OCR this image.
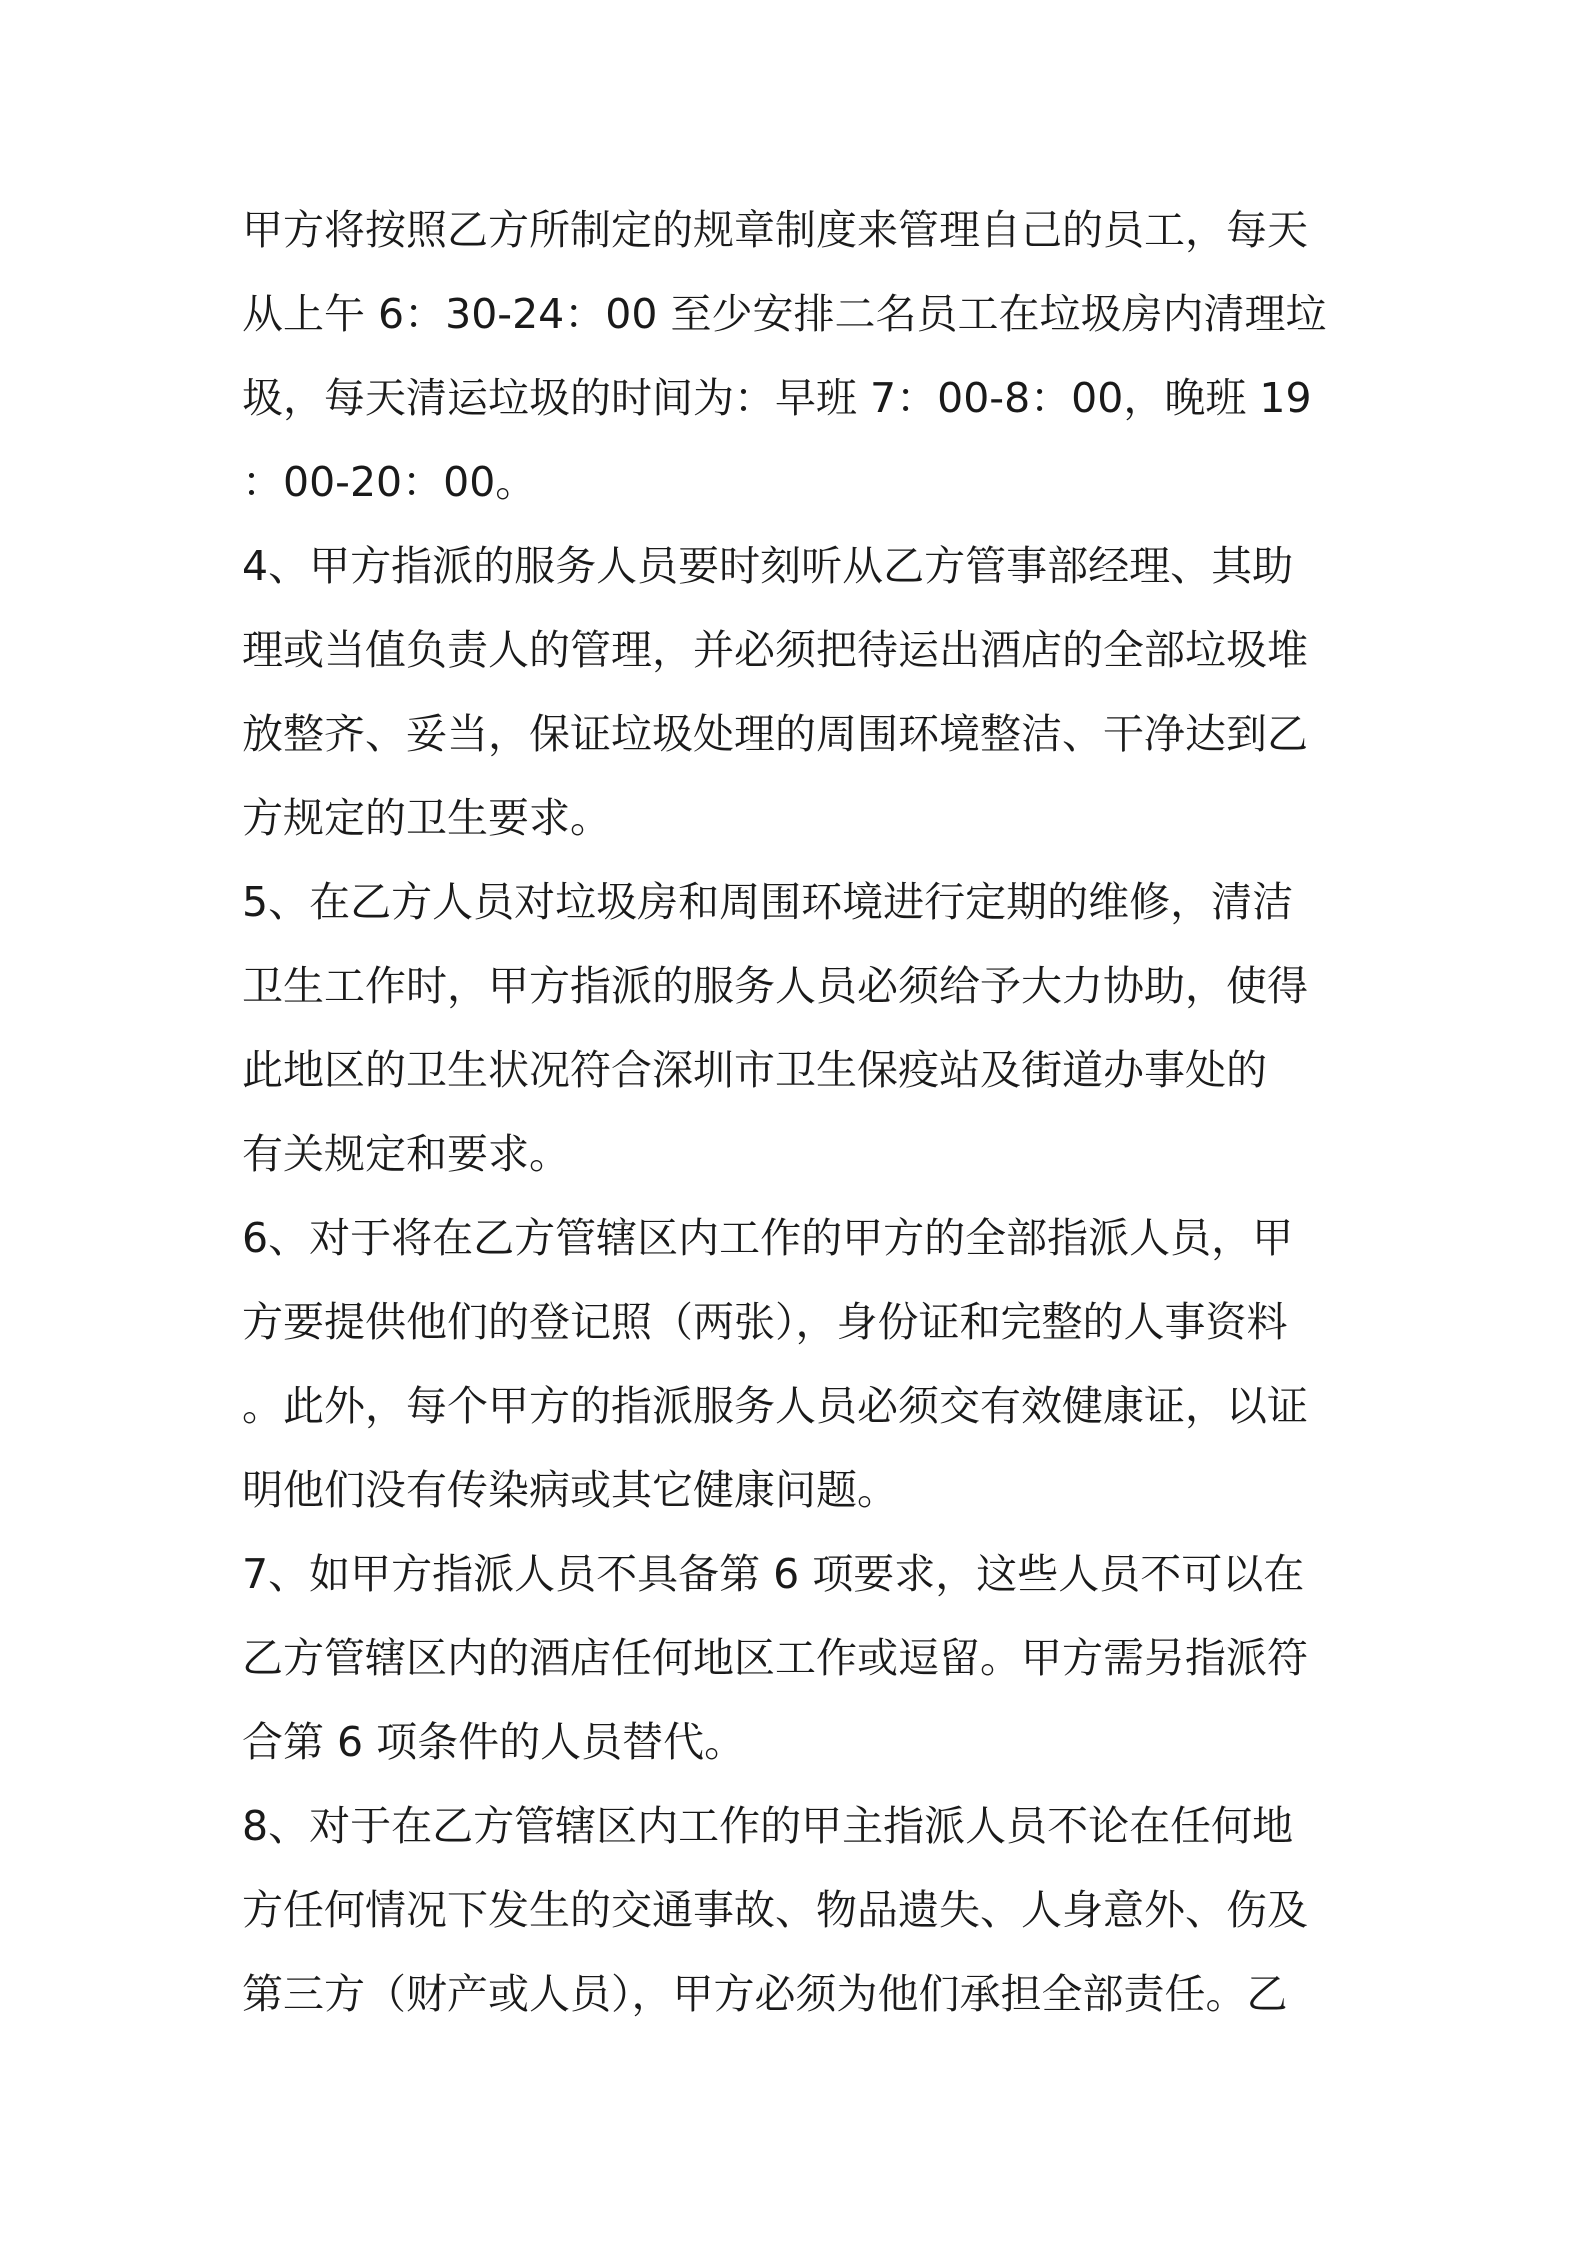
甲方将按照乙方所制定的规章制度来管理自己的员工，每天
从上午 6：30-24：00 至少安排二名员工在垃圾房内清理垃
圾，每天清运垃圾的时间为：早班 7：00-8：00，晚班 19
：00-20：00。
4、甲方指派的服务人员要时刻听从乙方管事部经理、其助
理或当值负责人的管理，并必须把待运出酒店的全部垃圾堆
放整齐、妥当，保证垃圾处理的周围环境整洁、干净达到乙
方规定的卫生要求。
5、在乙方人员对垃圾房和周围环境进行定期的维修，清洁
卫生工作时，甲方指派的服务人员必须给予大力协助，使得
此地区的卫生状况符合深圳市卫生保疫站及街道办事处的
有关规定和要求。
6、对于将在乙方管辖区内工作的甲方的全部指派人员，甲
方要提供他们的登记照（两张），身份证和完整的人事资料
。此外，每个甲方的指派服务人员必须交有效健康证，以证
明他们没有传染病或其它健康问题。
7、如甲方指派人员不具备第 6 项要求，这些人员不可以在
乙方管辖区内的酒店任何地区工作或逗留。甲方需另指派符
合第 6 项条件的人员替代。
8、对于在乙方管辖区内工作的甲主指派人员不论在任何地
方任何情况下发生的交通事故、物品遗失、人身意外、伤及
第三方（财产或人员），甲方必须为他们承担全部责任。乙
